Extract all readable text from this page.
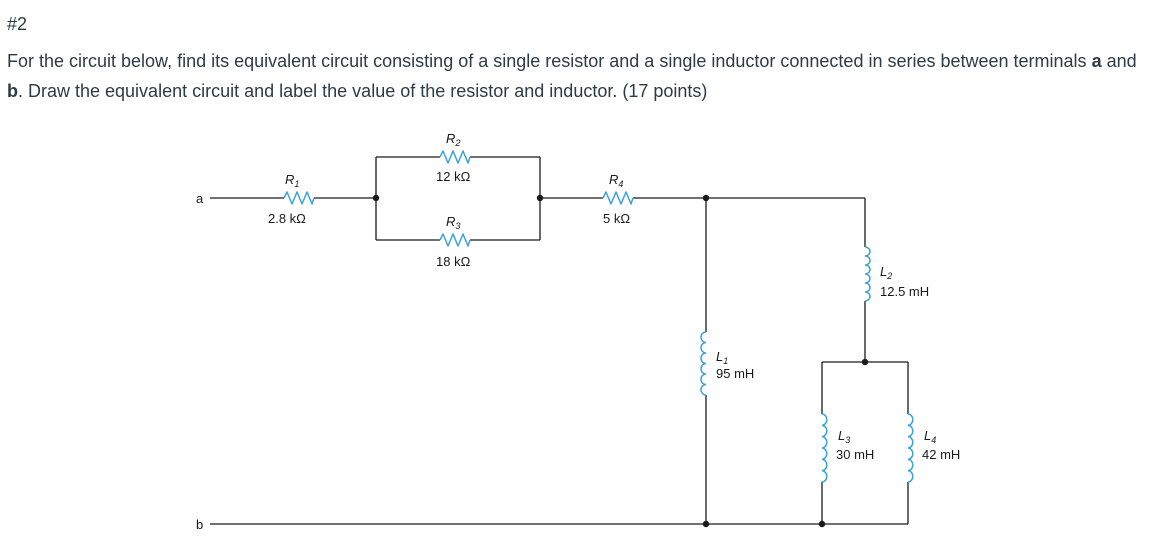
#2
For the circuit below, find its equivalent circuit consisting of a single resistor and a single inductor connected in series between terminals a and b. Draw the equivalent circuit and label the value of the resistor and inductor. (17 points)
a
b
$R_1$
$R_2$
$R_3$
$R_4$
$L_1$
$L_2$
$L_3$	$L_4$
2.8 kΩ
12 kΩ
18 kΩ
5 kΩ
95 mH
12.5 mH
30 mH	42 mH
